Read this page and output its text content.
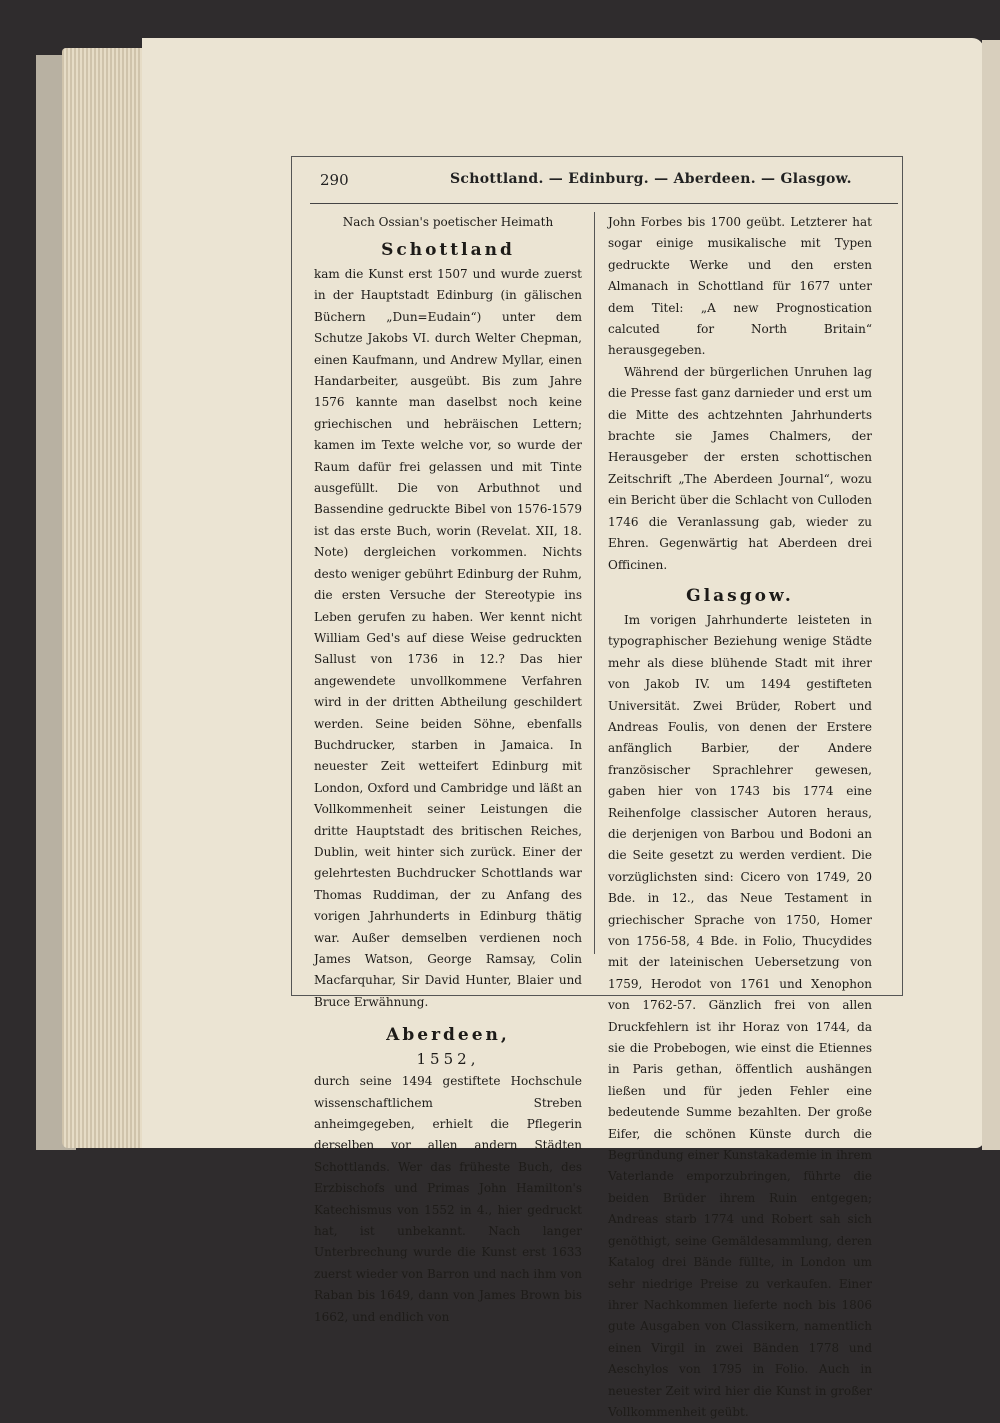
290	Schottland. — Edinburg. — Aberdeen. — Glasgow.
Nach Ossian's poetischer Heimath
Schottland

kam die Kunst erst 1507 und wurde zuerst in der Hauptstadt Edinburg (in gälischen Büchern „Dun=Eudain“) unter dem Schutze Jakobs VI. durch Welter Chepman, einen Kaufmann, und Andrew Myllar, einen Handarbeiter, ausgeübt. Bis zum Jahre 1576 kannte man daselbst noch keine griechischen und hebräischen Lettern; kamen im Texte welche vor, so wurde der Raum dafür frei gelassen und mit Tinte ausgefüllt. Die von Arbuthnot und Bassendine gedruckte Bibel von 1576-1579 ist das erste Buch, worin (Revelat. XII, 18. Note) dergleichen vorkommen. Nichts desto weniger gebührt Edinburg der Ruhm, die ersten Versuche der Stereotypie ins Leben gerufen zu haben. Wer kennt nicht William Ged's auf diese Weise gedruckten Sallust von 1736 in 12.? Das hier angewendete unvollkommene Verfahren wird in der dritten Abtheilung geschildert werden. Seine beiden Söhne, ebenfalls Buchdrucker, starben in Jamaica. In neuester Zeit wetteifert Edinburg mit London, Oxford und Cambridge und läßt an Vollkommenheit seiner Leistungen die dritte Hauptstadt des britischen Reiches, Dublin, weit hinter sich zurück. Einer der gelehrtesten Buchdrucker Schottlands war Thomas Ruddiman, der zu Anfang des vorigen Jahrhunderts in Edinburg thätig war. Außer demselben verdienen noch James Watson, George Ramsay, Colin Macfarquhar, Sir David Hunter, Blaier und Bruce Erwähnung.

Aberdeen,
1552,

durch seine 1494 gestiftete Hochschule wissenschaftlichem Streben anheimgegeben, erhielt die Pflegerin derselben vor allen andern Städten Schottlands. Wer das früheste Buch, des Erzbischofs und Primas John Hamilton's Katechismus von 1552 in 4., hier gedruckt hat, ist unbekannt. Nach langer Unterbrechung wurde die Kunst erst 1633 zuerst wieder von Barron und nach ihm von Raban bis 1649, dann von James Brown bis 1662, und endlich von

John Forbes bis 1700 geübt. Letzterer hat sogar einige musikalische mit Typen gedruckte Werke und den ersten Almanach in Schottland für 1677 unter dem Titel: „A new Prognostication calcuted for North Britain“ herausgegeben.

Während der bürgerlichen Unruhen lag die Presse fast ganz darnieder und erst um die Mitte des achtzehnten Jahrhunderts brachte sie James Chalmers, der Herausgeber der ersten schottischen Zeitschrift „The Aberdeen Journal“, wozu ein Bericht über die Schlacht von Culloden 1746 die Veranlassung gab, wieder zu Ehren. Gegenwärtig hat Aberdeen drei Officinen.

Glasgow.

Im vorigen Jahrhunderte leisteten in typographischer Beziehung wenige Städte mehr als diese blühende Stadt mit ihrer von Jakob IV. um 1494 gestifteten Universität. Zwei Brüder, Robert und Andreas Foulis, von denen der Erstere anfänglich Barbier, der Andere französischer Sprachlehrer gewesen, gaben hier von 1743 bis 1774 eine Reihenfolge classischer Autoren heraus, die derjenigen von Barbou und Bodoni an die Seite gesetzt zu werden verdient. Die vorzüglichsten sind: Cicero von 1749, 20 Bde. in 12., das Neue Testament in griechischer Sprache von 1750, Homer von 1756-58, 4 Bde. in Folio, Thucydides mit der lateinischen Uebersetzung von 1759, Herodot von 1761 und Xenophon von 1762-57. Gänzlich frei von allen Druckfehlern ist ihr Horaz von 1744, da sie die Probebogen, wie einst die Etiennes in Paris gethan, öffentlich aushängen ließen und für jeden Fehler eine bedeutende Summe bezahlten. Der große Eifer, die schönen Künste durch die Begründung einer Kunstakademie in ihrem Vaterlande emporzubringen, führte die beiden Brüder ihrem Ruin entgegen; Andreas starb 1774 und Robert sah sich genöthigt, seine Gemäldesammlung, deren Katalog drei Bände füllte, in London um sehr niedrige Preise zu verkaufen. Einer ihrer Nachkommen lieferte noch bis 1806 gute Ausgaben von Classikern, namentlich einen Virgil in zwei Bänden 1778 und Aeschylos von 1795 in Folio. Auch in neuester Zeit wird hier die Kunst in großer Vollkommenheit geübt.
